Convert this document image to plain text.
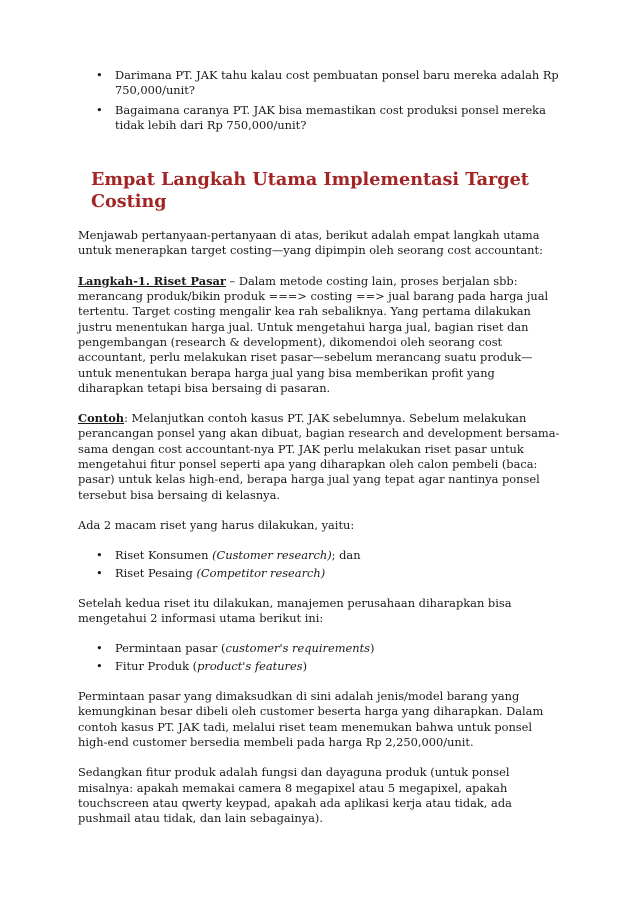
• Darimana PT. JAK tahu kalau cost pembuatan ponsel baru mereka adalah Rp 750,000/unit?
• Bagaimana caranya PT. JAK bisa memastikan cost produksi ponsel mereka tidak lebih dari Rp 750,000/unit?
Empat Langkah Utama Implementasi Target Costing

Menjawab pertanyaan-pertanyaan di atas, berikut adalah empat langkah utama untuk menerapkan target costing—yang dipimpin oleh seorang cost accountant:

Langkah-1. Riset Pasar – Dalam metode costing lain, proses berjalan sbb: merancang produk/bikin produk ===> costing ==> jual barang pada harga jual tertentu. Target costing mengalir kea rah sebaliknya. Yang pertama dilakukan justru menentukan harga jual. Untuk mengetahui harga jual, bagian riset dan pengembangan (research & development), dikomendoi oleh seorang cost accountant, perlu melakukan riset pasar—sebelum merancang suatu produk—untuk menentukan berapa harga jual yang bisa memberikan profit yang diharapkan tetapi bisa bersaing di pasaran.

Contoh: Melanjutkan contoh kasus PT. JAK sebelumnya. Sebelum melakukan perancangan ponsel yang akan dibuat, bagian research and development bersama-sama dengan cost accountant-nya PT. JAK perlu melakukan riset pasar untuk mengetahui fitur ponsel seperti apa yang diharapkan oleh calon pembeli (baca: pasar) untuk kelas high-end, berapa harga jual yang tepat agar nantinya ponsel tersebut bisa bersaing di kelasnya.

Ada 2 macam riset yang harus dilakukan, yaitu:

• Riset Konsumen (Customer research); dan
• Riset Pesaing (Competitor research)

Setelah kedua riset itu dilakukan, manajemen perusahaan diharapkan bisa mengetahui 2 informasi utama berikut ini:

• Permintaan pasar (customer's requirements)
• Fitur Produk (product's features)

Permintaan pasar yang dimaksudkan di sini adalah jenis/model barang yang kemungkinan besar dibeli oleh customer beserta harga yang diharapkan. Dalam contoh kasus PT. JAK tadi, melalui riset team menemukan bahwa untuk ponsel high-end customer bersedia membeli pada harga Rp 2,250,000/unit.

Sedangkan fitur produk adalah fungsi dan dayaguna produk (untuk ponsel misalnya: apakah memakai camera 8 megapixel atau 5 megapixel, apakah touchscreen atau qwerty keypad, apakah ada aplikasi kerja atau tidak, ada pushmail atau tidak, dan lain sebagainya).
